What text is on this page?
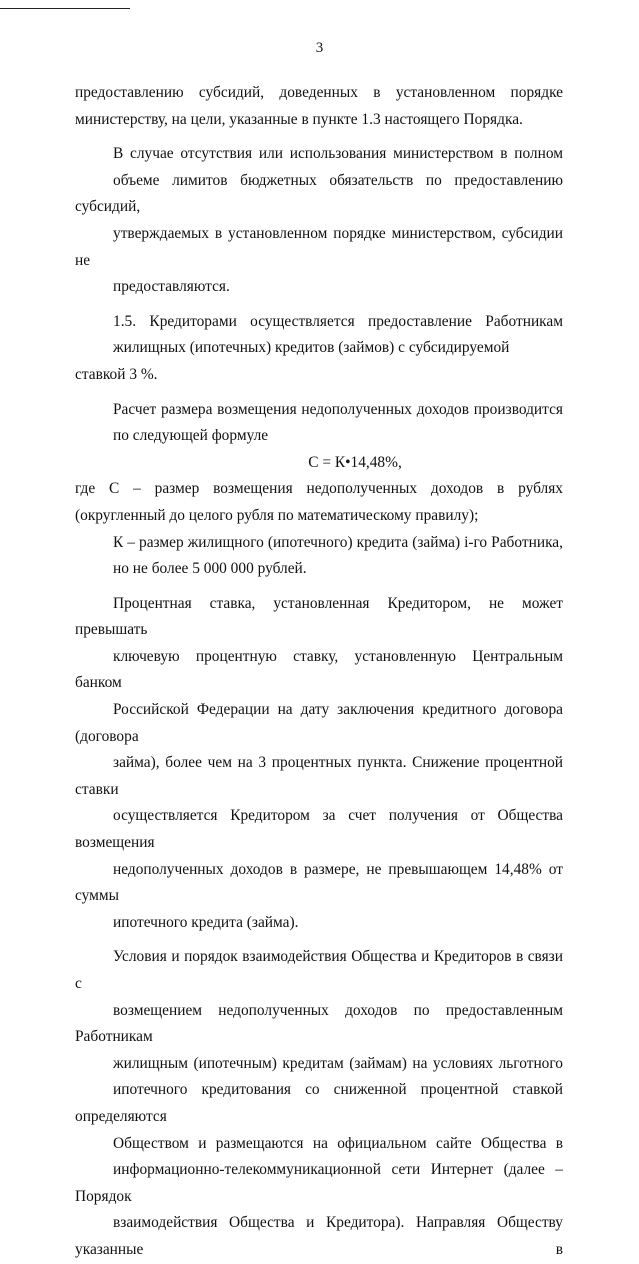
3

предоставлению субсидий, доведенных в установленном порядке
министерству, на цели, указанные в пункте 1.3 настоящего Порядка.

В случае отсутствия или использования министерством в полном
объеме лимитов бюджетных обязательств по предоставлению субсидий,
утверждаемых в установленном порядке министерством, субсидии не
предоставляются.

1.5. Кредиторами осуществляется предоставление Работникам
жилищных (ипотечных) кредитов (займов) с субсидируемой ставкой 3 %.

Расчет размера возмещения недополученных доходов производится
по следующей формуле

С = К•14,48%,

где С – размер возмещения недополученных доходов в рублях
(округленный до целого рубля по математическому правилу);

К – размер жилищного (ипотечного) кредита (займа) i-го Работника,
но не более 5 000 000 рублей.

Процентная ставка, установленная Кредитором, не может превышать
ключевую процентную ставку, установленную Центральным банком
Российской Федерации на дату заключения кредитного договора (договора
займа), более чем на 3 процентных пункта. Снижение процентной ставки
осуществляется Кредитором за счет получения от Общества возмещения
недополученных доходов в размере, не превышающем 14,48% от суммы
ипотечного кредита (займа).

Условия и порядок взаимодействия Общества и Кредиторов в связи с
возмещением недополученных доходов по предоставленным Работникам
жилищным (ипотечным) кредитам (займам) на условиях льготного
ипотечного кредитования со сниженной процентной ставкой определяются
Обществом и размещаются на официальном сайте Общества в
информационно-телекоммуникационной сети Интернет (далее – Порядок
взаимодействия Общества и Кредитора). Направляя Обществу указанные в
